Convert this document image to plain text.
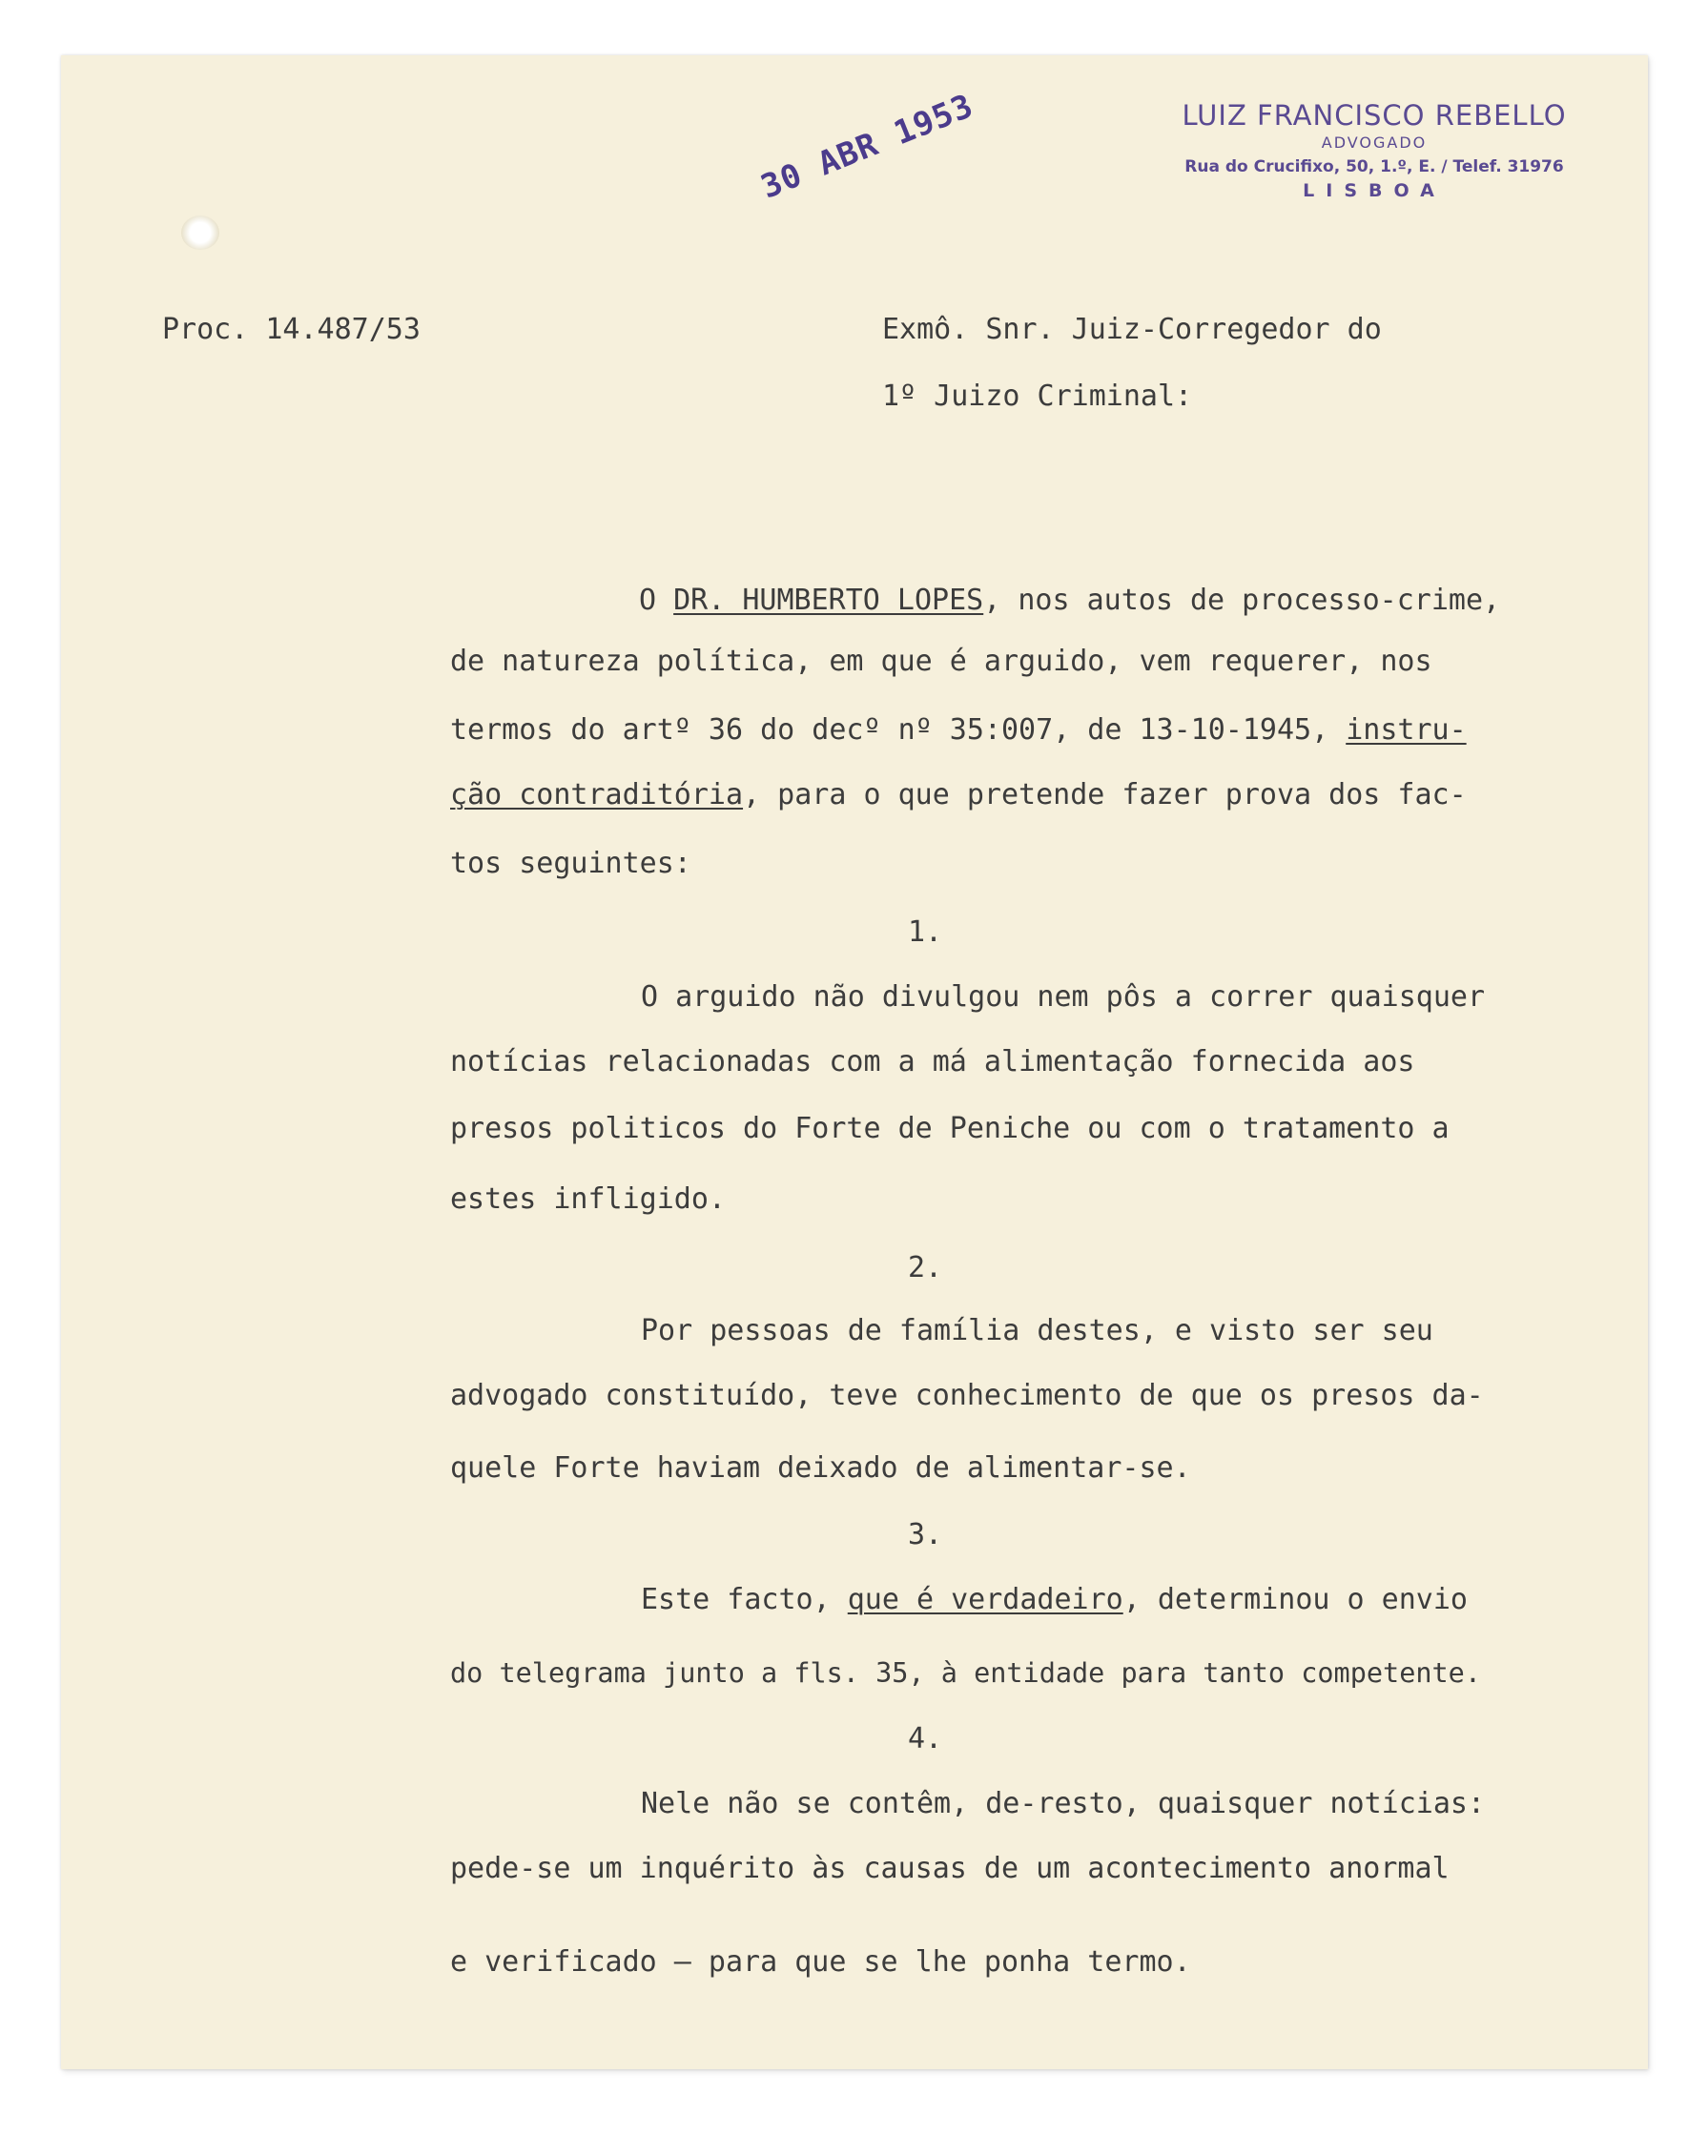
LUIZ FRANCISCO REBELLO
ADVOGADO
Rua do Crucifixo, 50, 1.º, E. / Telef. 31976
LISBOA
30 ABR 1953

Proc. 14.487/53	Exmô. Snr. Juiz-Corregedor do
1º Juizo Criminal:
O DR. HUMBERTO LOPES, nos autos de processo-crime,
de natureza política, em que é arguido, vem requerer, nos
termos do artº 36 do decº nº 35:007, de 13-10-1945, instru-
ção contraditória, para o que pretende fazer prova dos fac-
tos seguintes:
1.
O arguido não divulgou nem pôs a correr quaisquer
notícias relacionadas com a má alimentação fornecida aos
presos politicos do Forte de Peniche ou com o tratamento a
estes infligido.
2.
Por pessoas de família destes, e visto ser seu
advogado constituído, teve conhecimento de que os presos da-
quele Forte haviam deixado de alimentar-se.
3.
Este facto, que é verdadeiro, determinou o envio
do telegrama junto a fls. 35, à entidade para tanto competente.
4.
Nele não se contêm, de-resto, quaisquer notícias:
pede-se um inquérito às causas de um acontecimento anormal
e verificado — para que se lhe ponha termo.
